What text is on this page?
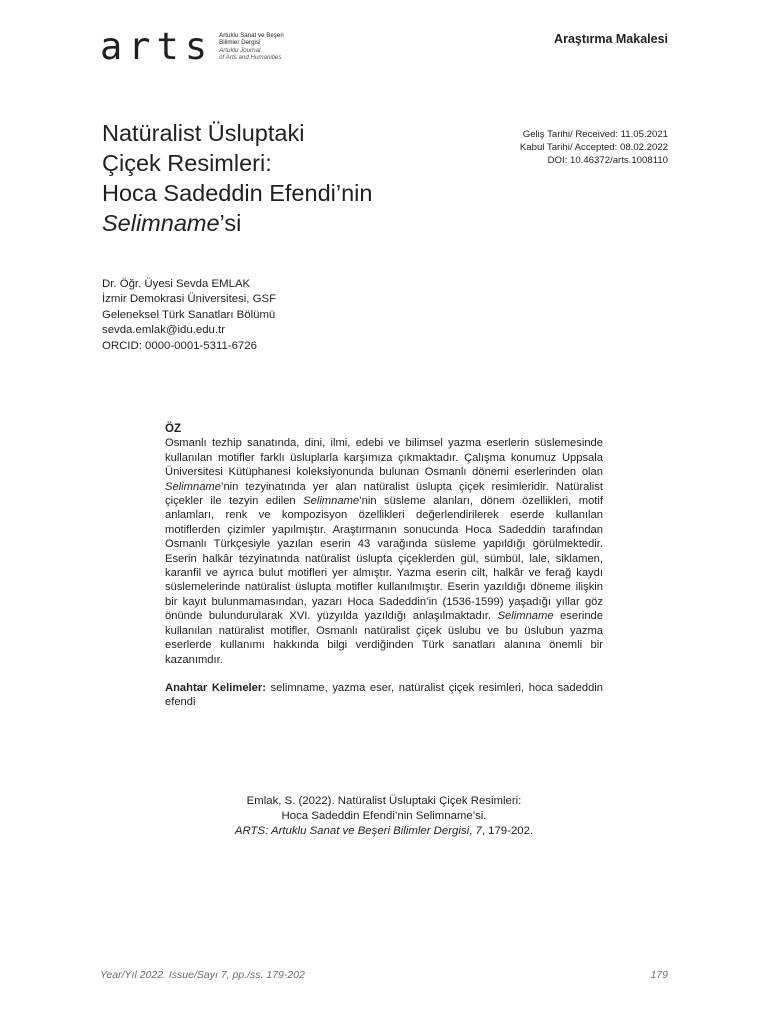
arts Artuklu Sanat ve Beşeri
Bilimler Dergisi
Artuklu Journal
of Arts and Humanities
Araştırma Makalesi
Natüralist Üsluptaki
Çiçek Resimleri:
Hoca Sadeddin Efendi’nin
Selimname’si
Geliş Tarihi/ Received: 11.05.2021
Kabul Tarihi/ Accepted: 08.02.2022
DOI: 10.46372/arts.1008110
Dr. Öğr. Üyesi Sevda EMLAK
İzmir Demokrasi Üniversitesi, GSF
Geleneksel Türk Sanatları Bölümü
sevda.emlak@idu.edu.tr
ORCID: 0000-0001-5311-6726
ÖZ
Osmanlı tezhip sanatında, dini, ilmi, edebi ve bilimsel yazma eserlerin süslemesinde kullanılan motifler farklı üsluplarla karşımıza çıkmaktadır. Çalışma konumuz Uppsala Üniversitesi Kütüphanesi koleksiyonunda bulunan Osmanlı dönemi eserlerinden olan Selimname’nin tezyinatında yer alan natüralist üslupta çiçek resimleridir. Natüralist çiçekler ile tezyin edilen Selimname’nin süsleme alanları, dönem özellikleri, motif anlamları, renk ve kompozisyon özellikleri değerlendirilerek eserde kullanılan motiflerden çizimler yapılmıştır. Araştırmanın sonucunda Hoca Sadeddin tarafından Osmanlı Türkçesiyle yazılan eserin 43 varağında süsleme yapıldığı görülmektedir. Eserin halkâr tezyinatında natüralist üslupta çiçeklerden gül, sümbül, lale, siklamen, karanfil ve ayrıca bulut motifleri yer almıştır. Yazma eserin cilt, halkâr ve ferağ kaydı süslemelerinde natüralist üslupta motifler kullanılmıştır. Eserin yazıldığı döneme ilişkin bir kayıt bulunmamasından, yazarı Hoca Sadeddin’in (1536-1599) yaşadığı yıllar göz önünde bulundurularak XVI. yüzyılda yazıldığı anlaşılmaktadır. Selimname eserinde kullanılan natüralist motifler, Osmanlı natüralist çiçek üslubu ve bu üslubun yazma eserlerde kullanımı hakkında bilgi verdiğinden Türk sanatları alanına önemli bir kazanımdır.
Anahtar Kelimeler: selimname, yazma eser, natüralist çiçek resimleri, hoca sadeddin efendi
Emlak, S. (2022). Natüralist Üsluptaki Çiçek Resimleri:
Hoca Sadeddin Efendi’nin Selimname’si.
ARTS: Artuklu Sanat ve Beşeri Bilimler Dergisi, 7, 179-202.
Year/Yıl 2022. Issue/Sayı 7, pp./ss. 179-202	179
